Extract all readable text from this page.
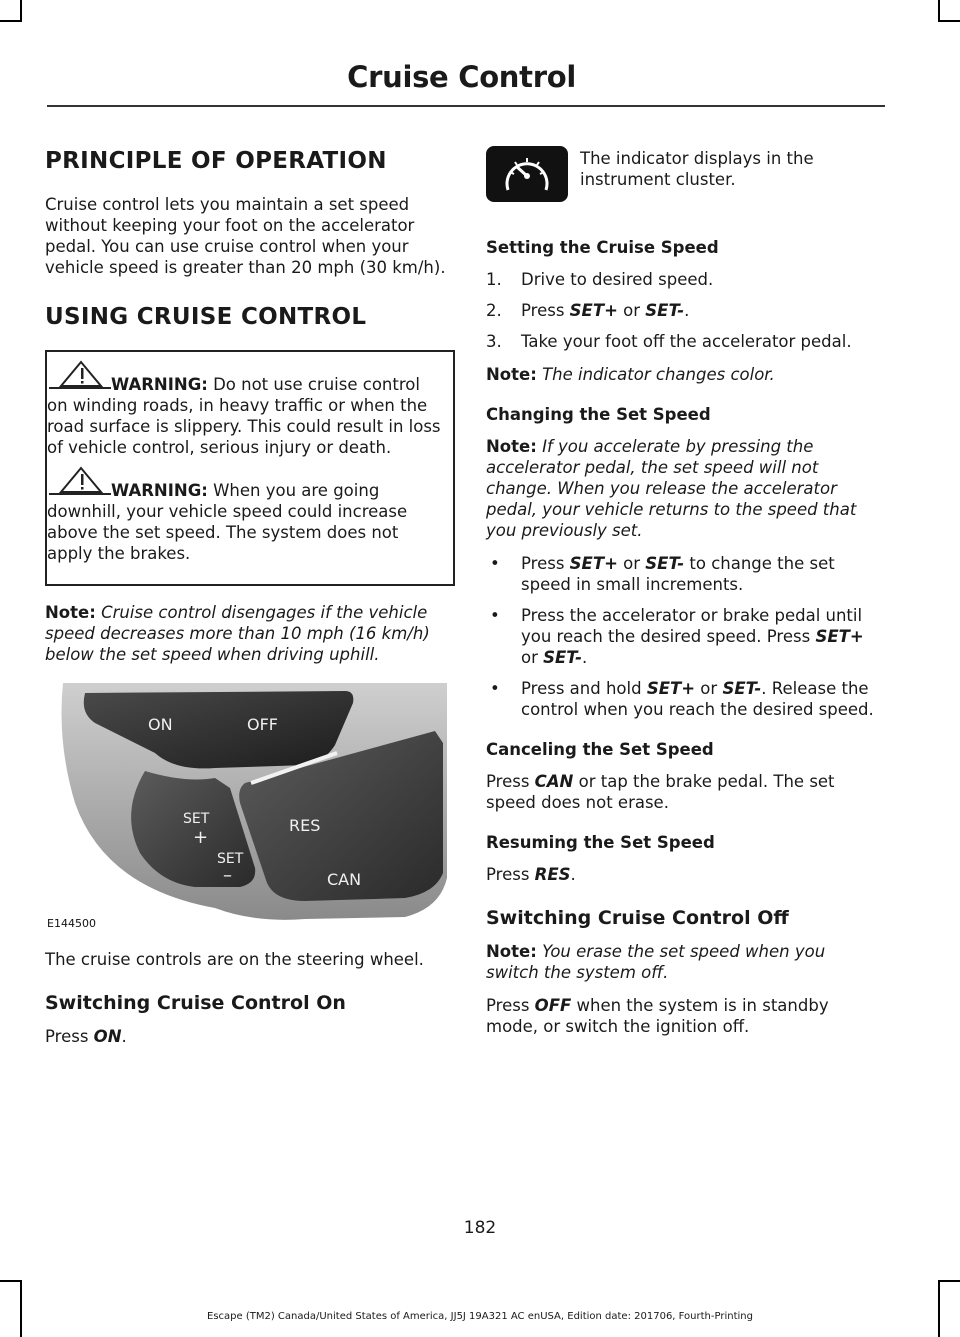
Cruise Control
PRINCIPLE OF OPERATION

Cruise control lets you maintain a set speed without keeping your foot on the accelerator pedal. You can use cruise control when your vehicle speed is greater than 20 mph (30 km/h).

USING CRUISE CONTROL
WARNING: Do not use cruise control on winding roads, in heavy traffic or when the road surface is slippery. This could result in loss of vehicle control, serious injury or death.
WARNING: When you are going downhill, your vehicle speed could increase above the set speed. The system does not apply the brakes.

Note: Cruise control disengages if the vehicle speed decreases more than 10 mph (16 km/h) below the set speed when driving uphill.

ON	OFF
SET
+
SET
–
RES
CAN
E144500

The cruise controls are on the steering wheel.

Switching Cruise Control On

Press ON.

The indicator displays in the instrument cluster.
Setting the Cruise Speed
1. Drive to desired speed.
2. Press SET+ or SET-.
3. Take your foot off the accelerator pedal.

Note: The indicator changes color.

Changing the Set Speed

Note: If you accelerate by pressing the accelerator pedal, the set speed will not change. When you release the accelerator pedal, your vehicle returns to the speed that you previously set.

• Press SET+ or SET- to change the set speed in small increments.
• Press the accelerator or brake pedal until you reach the desired speed. Press SET+ or SET-.
• Press and hold SET+ or SET-. Release the control when you reach the desired speed.
Canceling the Set Speed

Press CAN or tap the brake pedal. The set speed does not erase.

Resuming the Set Speed

Press RES.

Switching Cruise Control Off

Note: You erase the set speed when you switch the system off.

Press OFF when the system is in standby mode, or switch the ignition off.

182
Escape (TM2) Canada/United States of America, JJ5J 19A321 AC enUSA, Edition date: 201706, Fourth-Printing
